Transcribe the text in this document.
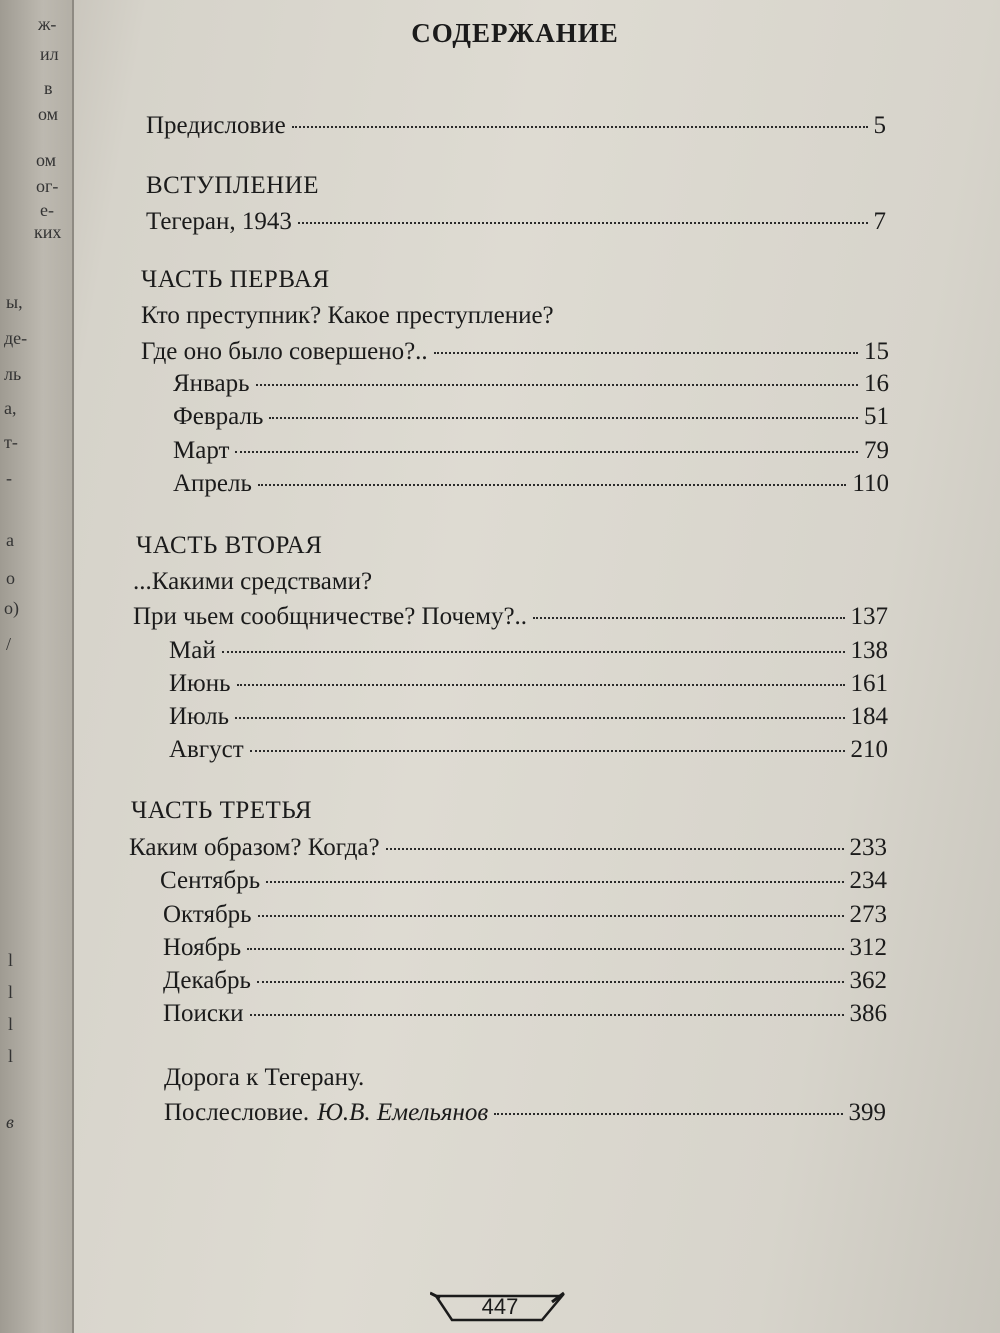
ж-
ил
в
ом
ом
ог-
е-
ких
ы,
де-
ль
а,
т-
-
а
о
о)
/
l
l
l
l
в
СОДЕРЖАНИЕ
Предисловие	5
ВСТУПЛЕНИЕ
Тегеран, 1943	7
ЧАСТЬ ПЕРВАЯ
Кто преступник? Какое преступление?
Где оно было совершено?..	15
Январь	16
Февраль	51
Март	79
Апрель	110
ЧАСТЬ ВТОРАЯ
...Какими средствами?
При чьем сообщничестве? Почему?..	137
Май	138
Июнь	161
Июль	184
Август	210
ЧАСТЬ ТРЕТЬЯ
Каким образом? Когда?	233
Сентябрь	234
Октябрь	273
Ноябрь	312
Декабрь	362
Поиски	386
Дорога к Тегерану.
Послесловие. Ю.В. Емельянов	399
447
